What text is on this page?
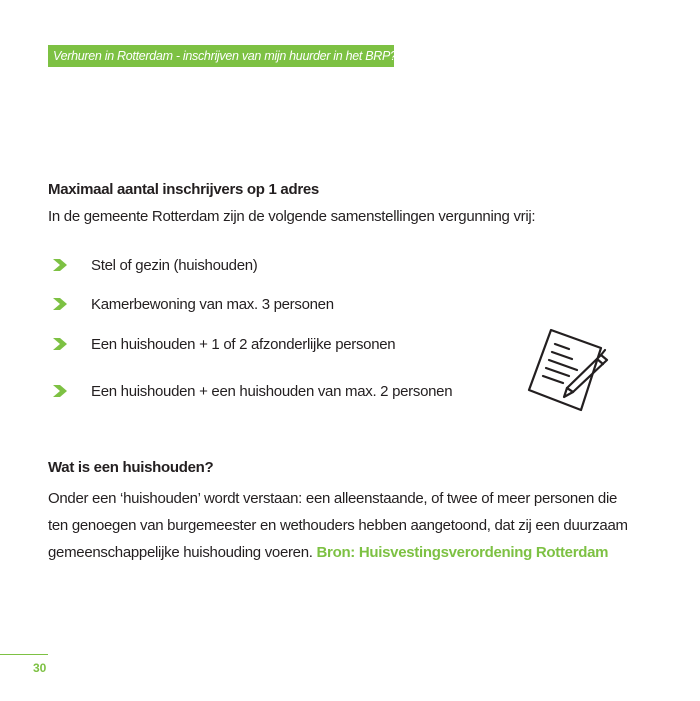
Verhuren in Rotterdam - inschrijven van mijn huurder in het BRP?
Maximaal aantal inschrijvers op 1 adres
In de gemeente Rotterdam zijn de volgende samenstellingen vergunning vrij:
Stel of gezin (huishouden)
Kamerbewoning van max. 3 personen
Een huishouden + 1 of 2 afzonderlijke personen
Een huishouden + een huishouden van max. 2 personen
Wat is een huishouden?
Onder een ‘huishouden’ wordt verstaan: een alleenstaande, of twee of meer personen die
ten genoegen van burgemeester en wethouders hebben aangetoond, dat zij een duurzaam
gemeenschappelijke huishouding voeren. Bron: Huisvestingsverordening Rotterdam
30
